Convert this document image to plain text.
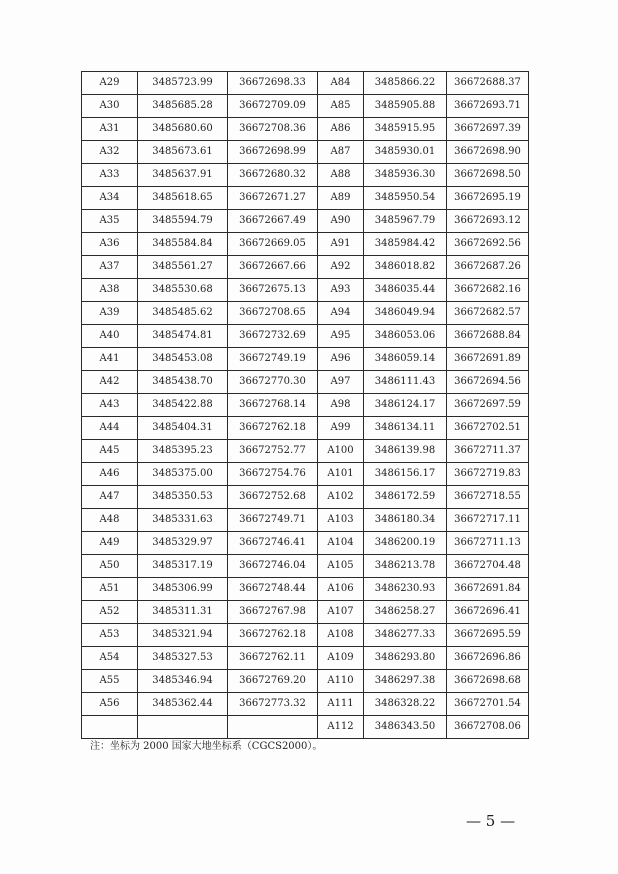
A29	3485723.99	36672698.33	A84	3485866.22	36672688.37
A30	3485685.28	36672709.09	A85	3485905.88	36672693.71
A31	3485680.60	36672708.36	A86	3485915.95	36672697.39
A32	3485673.61	36672698.99	A87	3485930.01	36672698.90
A33	3485637.91	36672680.32	A88	3485936.30	36672698.50
A34	3485618.65	36672671.27	A89	3485950.54	36672695.19
A35	3485594.79	36672667.49	A90	3485967.79	36672693.12
A36	3485584.84	36672669.05	A91	3485984.42	36672692.56
A37	3485561.27	36672667.66	A92	3486018.82	36672687.26
A38	3485530.68	36672675.13	A93	3486035.44	36672682.16
A39	3485485.62	36672708.65	A94	3486049.94	36672682.57
A40	3485474.81	36672732.69	A95	3486053.06	36672688.84
A41	3485453.08	36672749.19	A96	3486059.14	36672691.89
A42	3485438.70	36672770.30	A97	3486111.43	36672694.56
A43	3485422.88	36672768.14	A98	3486124.17	36672697.59
A44	3485404.31	36672762.18	A99	3486134.11	36672702.51
A45	3485395.23	36672752.77	A100	3486139.98	36672711.37
A46	3485375.00	36672754.76	A101	3486156.17	36672719.83
A47	3485350.53	36672752.68	A102	3486172.59	36672718.55
A48	3485331.63	36672749.71	A103	3486180.34	36672717.11
A49	3485329.97	36672746.41	A104	3486200.19	36672711.13
A50	3485317.19	36672746.04	A105	3486213.78	36672704.48
A51	3485306.99	36672748.44	A106	3486230.93	36672691.84
A52	3485311.31	36672767.98	A107	3486258.27	36672696.41
A53	3485321.94	36672762.18	A108	3486277.33	36672695.59
A54	3485327.53	36672762.11	A109	3486293.80	36672696.86
A55	3485346.94	36672769.20	A110	3486297.38	36672698.68
A56	3485362.44	36672773.32	A111	3486328.22	36672701.54
			A112	3486343.50	36672708.06
注：坐标为 2000 国家大地坐标系（CGCS2000）。
— 5 —
